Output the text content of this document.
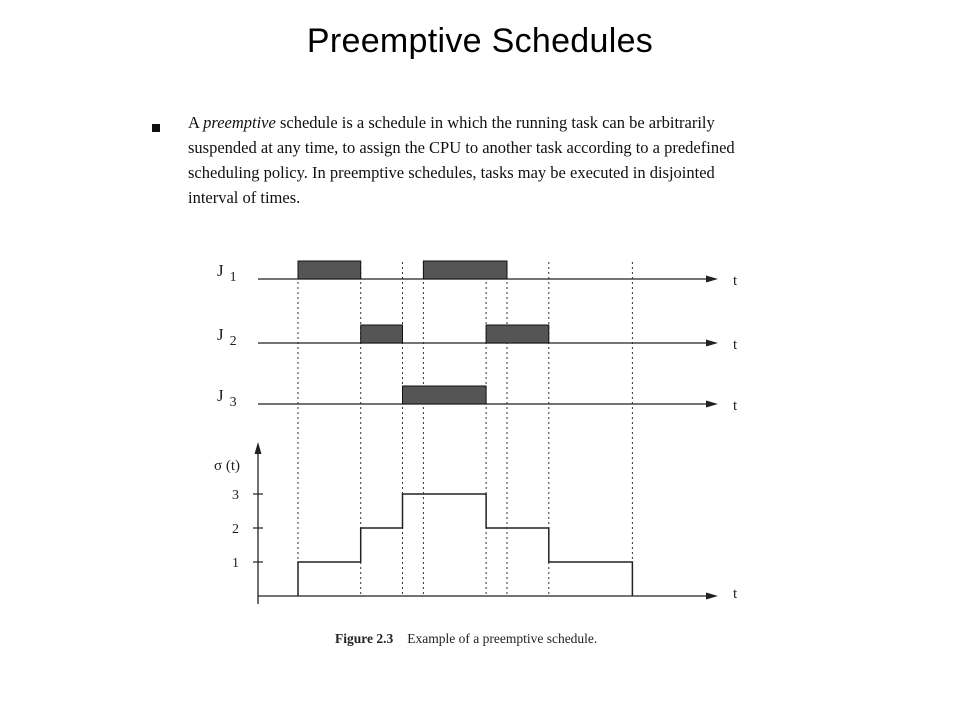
Preemptive Schedules
A preemptive schedule is a schedule in which the running task can be arbitrarily
suspended at any time, to assign the CPU to another task according to a predefined
scheduling policy. In preemptive schedules, tasks may be executed in disjointed
interval of times.
J $_1$	t
J $_2$	t
J $_3$	t
t
σ (t)
1
2
3
Figure 2.3 Example of a preemptive schedule.
